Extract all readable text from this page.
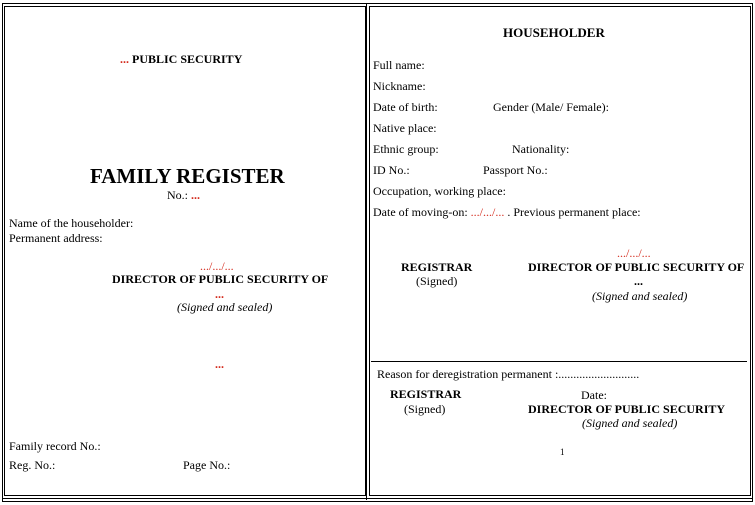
... PUBLIC SECURITY
FAMILY REGISTER
No.: ...
Name of the householder:
Permanent address:
.../.../...
DIRECTOR OF PUBLIC SECURITY OF
...
(Signed and sealed)
...
Family record No.:
Reg. No.:	Page No.:
HOUSEHOLDER
Full name:
Nickname:
Date of birth:	Gender (Male/ Female):
Native place:
Ethnic group:	Nationality:
ID No.:	Passport No.:
Occupation, working place:
Date of moving-on: .../.../... . Previous permanent place:
.../.../...
REGISTRAR
(Signed)
DIRECTOR OF PUBLIC SECURITY OF
...
(Signed and sealed)
Reason for deregistration permanent :...........................
REGISTRAR
(Signed)
Date:
DIRECTOR OF PUBLIC SECURITY
(Signed and sealed)
1
